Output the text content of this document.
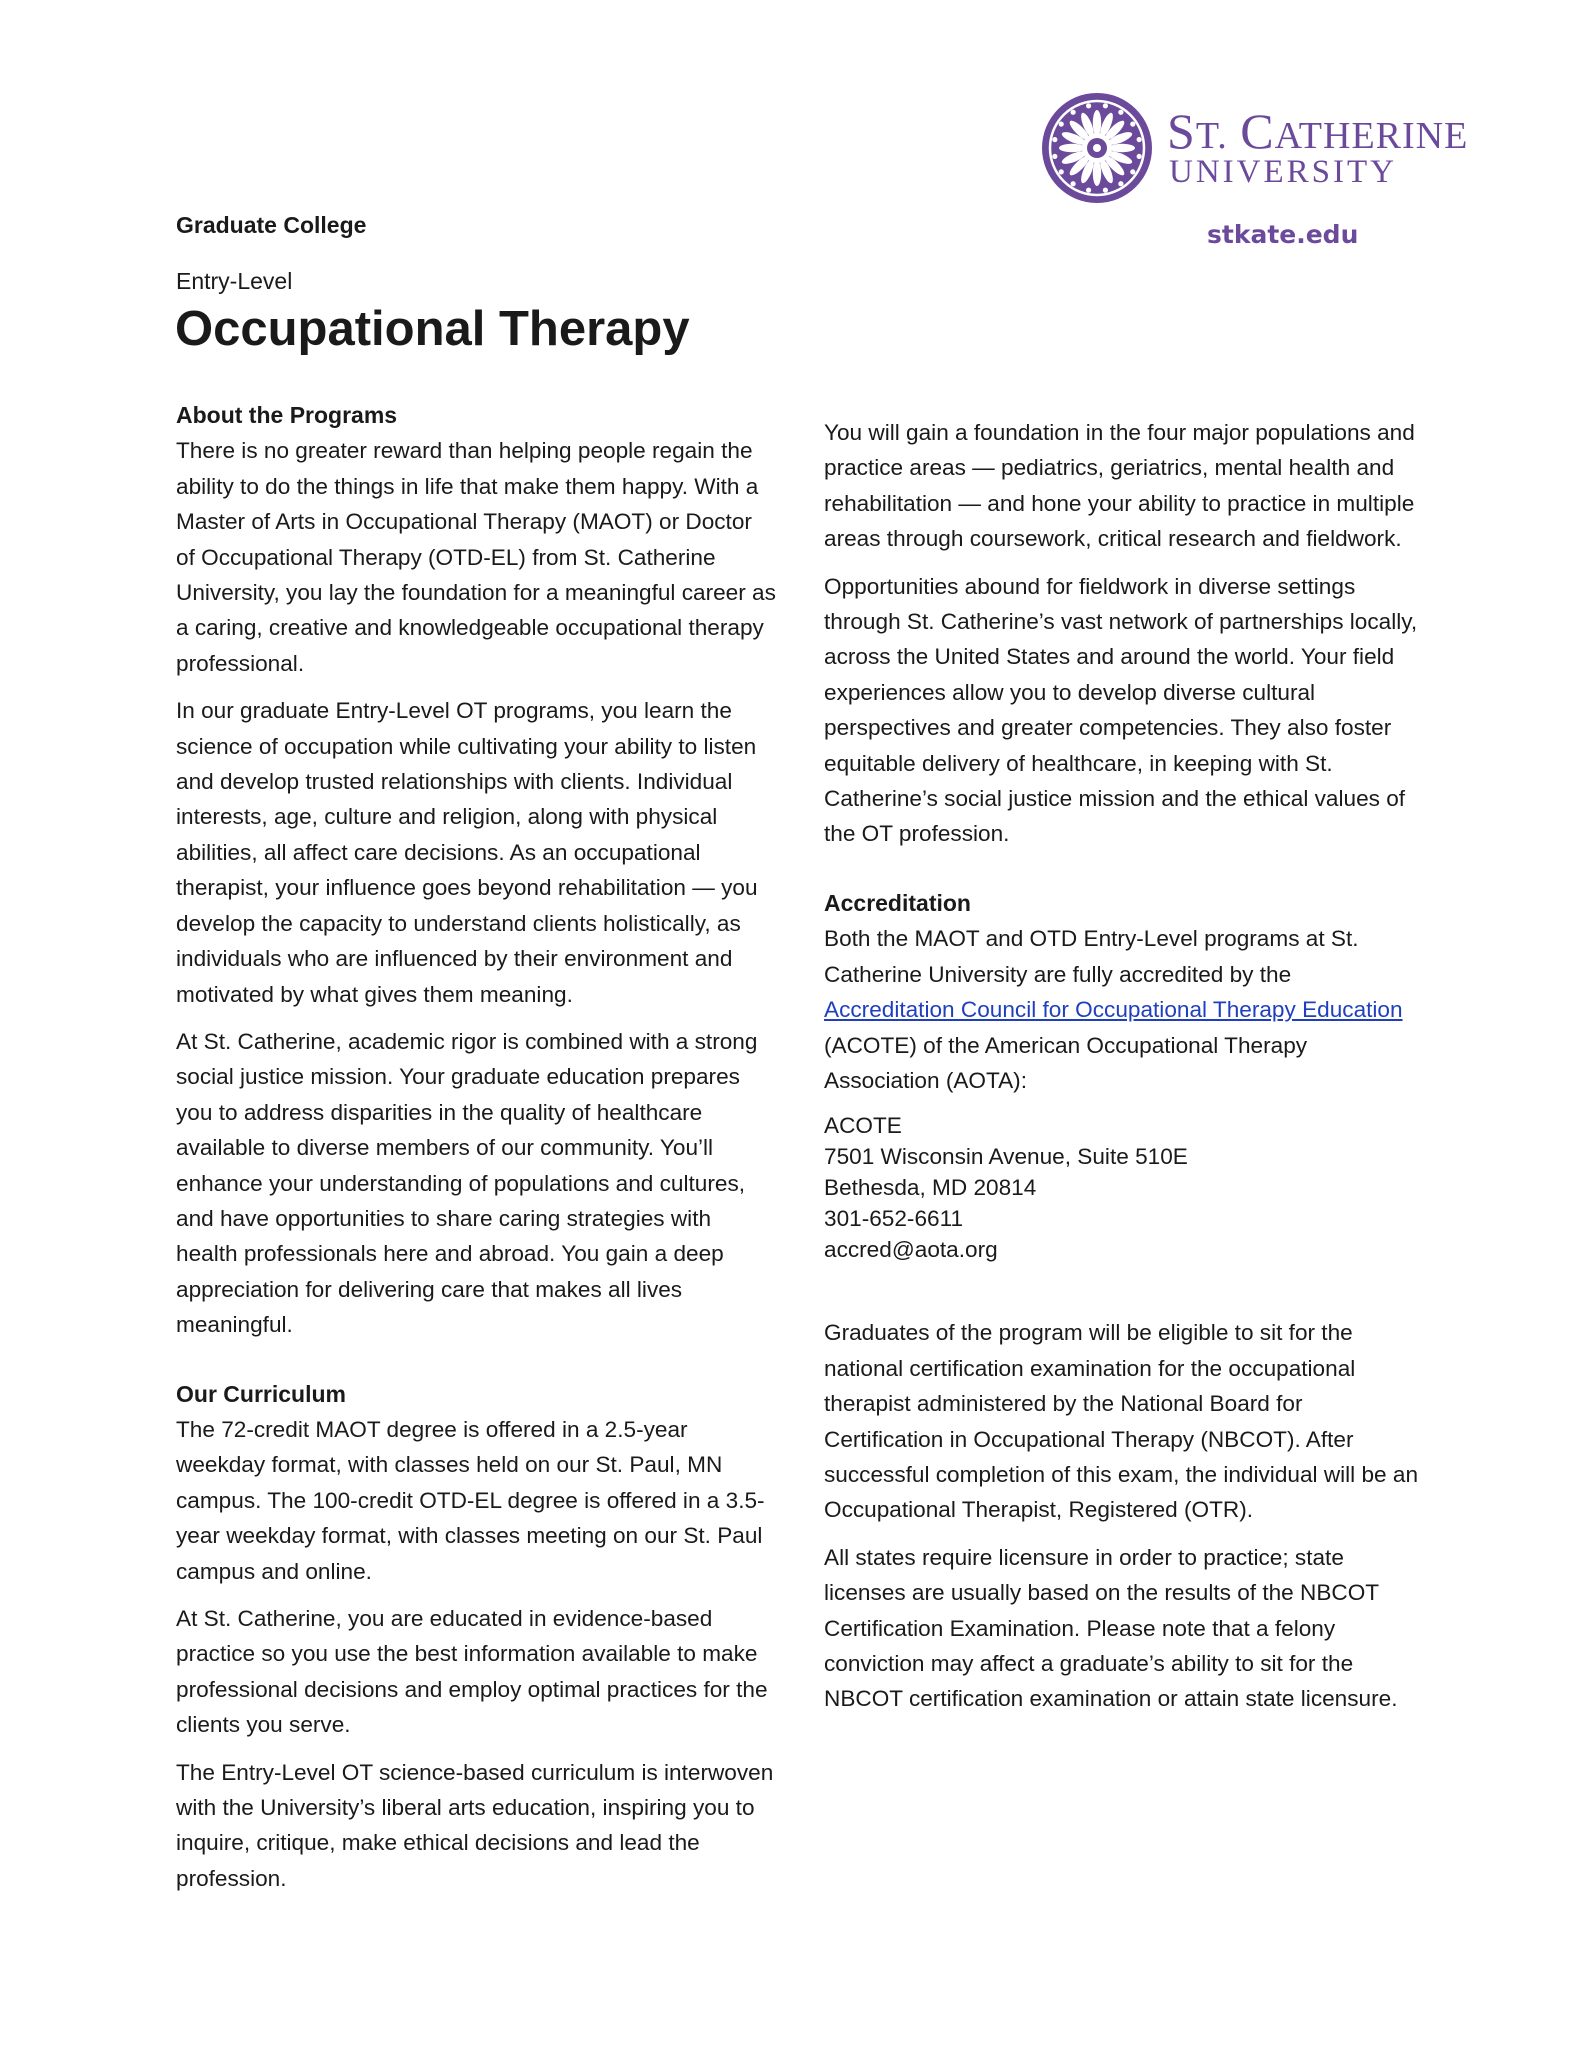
ST. CATHERINE
UNIVERSITY
stkate.edu
Graduate College
Entry-Level
Occupational Therapy
About the Programs

There is no greater reward than helping people regain the ability to do the things in life that make them happy. With a Master of Arts in Occupational Therapy (MAOT) or Doctor of Occupational Therapy (OTD-EL) from St. Catherine University, you lay the foundation for a meaningful career as a caring, creative and knowledgeable occupational therapy professional.

In our graduate Entry-Level OT programs, you learn the science of occupation while cultivating your ability to listen and develop trusted relationships with clients. Individual interests, age, culture and religion, along with physical abilities, all affect care decisions. As an occupational therapist, your influence goes beyond rehabilitation — you develop the capacity to understand clients holistically, as individuals who are influenced by their environment and motivated by what gives them meaning.

At St. Catherine, academic rigor is combined with a strong social justice mission. Your graduate education prepares you to address disparities in the quality of healthcare available to diverse members of our community. You’ll enhance your understanding of populations and cultures, and have opportunities to share caring strategies with health professionals here and abroad. You gain a deep appreciation for delivering care that makes all lives meaningful.

Our Curriculum

The 72-credit MAOT degree is offered in a 2.5-year weekday format, with classes held on our St. Paul, MN campus. The 100-credit OTD-EL degree is offered in a 3.5-year weekday format, with classes meeting on our St. Paul campus and online.

At St. Catherine, you are educated in evidence-based practice so you use the best information available to make professional decisions and employ optimal practices for the clients you serve.

The Entry-Level OT science-based curriculum is interwoven with the University’s liberal arts education, inspiring you to inquire, critique, make ethical decisions and lead the profession.

You will gain a foundation in the four major populations and practice areas — pediatrics, geriatrics, mental health and rehabilitation — and hone your ability to practice in multiple areas through coursework, critical research and fieldwork.

Opportunities abound for fieldwork in diverse settings through St. Catherine’s vast network of partnerships locally, across the United States and around the world. Your field experiences allow you to develop diverse cultural perspectives and greater competencies. They also foster equitable delivery of healthcare, in keeping with St. Catherine’s social justice mission and the ethical values of the OT profession.

Accreditation

Both the MAOT and OTD Entry-Level programs at St. Catherine University are fully accredited by the Accreditation Council for Occupational Therapy Education (ACOTE) of the American Occupational Therapy Association (AOTA):

ACOTE
7501 Wisconsin Avenue, Suite 510E
Bethesda, MD 20814
301-652-6611
accred@aota.org

Graduates of the program will be eligible to sit for the national certification examination for the occupational therapist administered by the National Board for Certification in Occupational Therapy (NBCOT). After successful completion of this exam, the individual will be an Occupational Therapist, Registered (OTR).

All states require licensure in order to practice; state licenses are usually based on the results of the NBCOT Certification Examination. Please note that a felony conviction may affect a graduate’s ability to sit for the NBCOT certification examination or attain state licensure.
